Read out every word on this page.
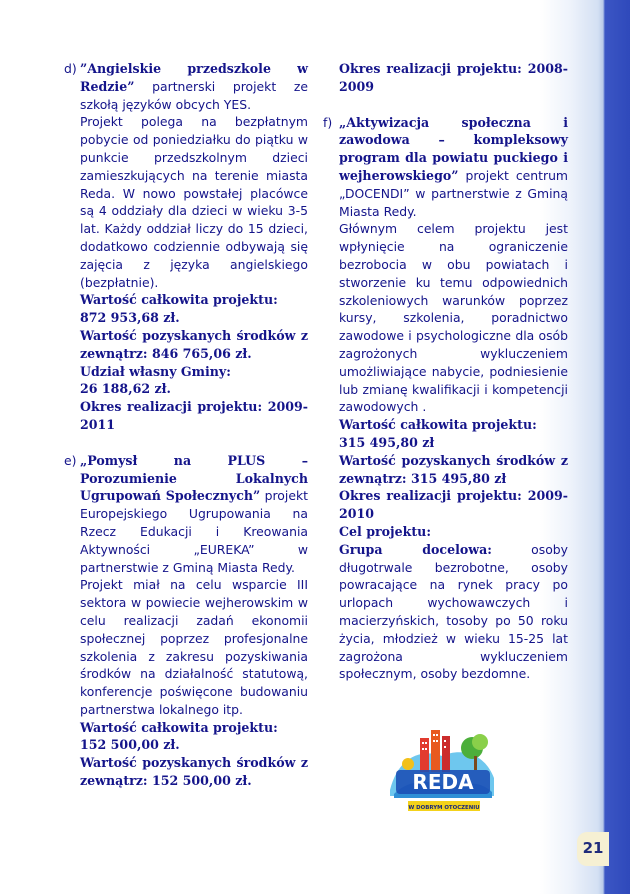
d) ”Angielskie przedszkole w Redzie” partnerski projekt ze szkołą języków obcych YES.
Projekt polega na bezpłatnym pobycie od poniedziałku do piątku w punkcie przedszkolnym dzieci zamieszkujących na terenie miasta Reda. W nowo powstałej placówce są 4 oddziały dla dzieci w wieku 3-5 lat. Każdy oddział liczy do 15 dzieci, dodatkowo codziennie odbywają się zajęcia z języka angielskiego (bezpłatnie).
Wartość całkowita projektu:
872 953,68 zł.
Wartość pozyskanych środków z zewnątrz: 846 765,06 zł.
Udział własny Gminy:
26 188,62 zł.
Okres realizacji projektu: 2009-2011
e) „Pomysł na PLUS – Porozumienie Lokalnych Ugrupowań Społecznych” projekt Europejskiego Ugrupowania na Rzecz Edukacji i Kreowania Aktywności „EUREKA” w partnerstwie z Gminą Miasta Redy.
Projekt miał na celu wsparcie III sektora w powiecie wejherowskim w celu realizacji zadań ekonomii społecznej poprzez profesjonalne szkolenia z zakresu pozyskiwania środków na działalność statutową, konferencje poświęcone budowaniu partnerstwa lokalnego itp.
Wartość całkowita projektu:
152 500,00 zł.
Wartość pozyskanych środków z zewnątrz: 152 500,00 zł.
Okres realizacji projektu: 2008-2009
f) „Aktywizacja społeczna i zawodowa – kompleksowy program dla powiatu puckiego i wejherowskiego” projekt centrum „DOCENDI” w partnerstwie z Gminą Miasta Redy.
Głównym celem projektu jest wpłynięcie na ograniczenie bezrobocia w obu powiatach i stworzenie ku temu odpowiednich szkoleniowych warunków poprzez kursy, szkolenia, poradnictwo zawodowe i psychologiczne dla osób zagrożonych wykluczeniem umożliwiające nabycie, podniesienie lub zmianę kwalifikacji i kompetencji zawodowych .
Wartość całkowita projektu:
315 495,80 zł
Wartość pozyskanych środków z zewnątrz: 315 495,80 zł
Okres realizacji projektu: 2009-2010
Cel projektu:
Grupa docelowa: osoby długotrwale bezrobotne, osoby powracające na rynek pracy po urlopach wychowawczych i macierzyńskich, tosoby po 50 roku życia, młodzież w wieku 15-25 lat zagrożona wykluczeniem społecznym, osoby bezdomne.
REDA
W DOBRYM OTOCZENIU
21
